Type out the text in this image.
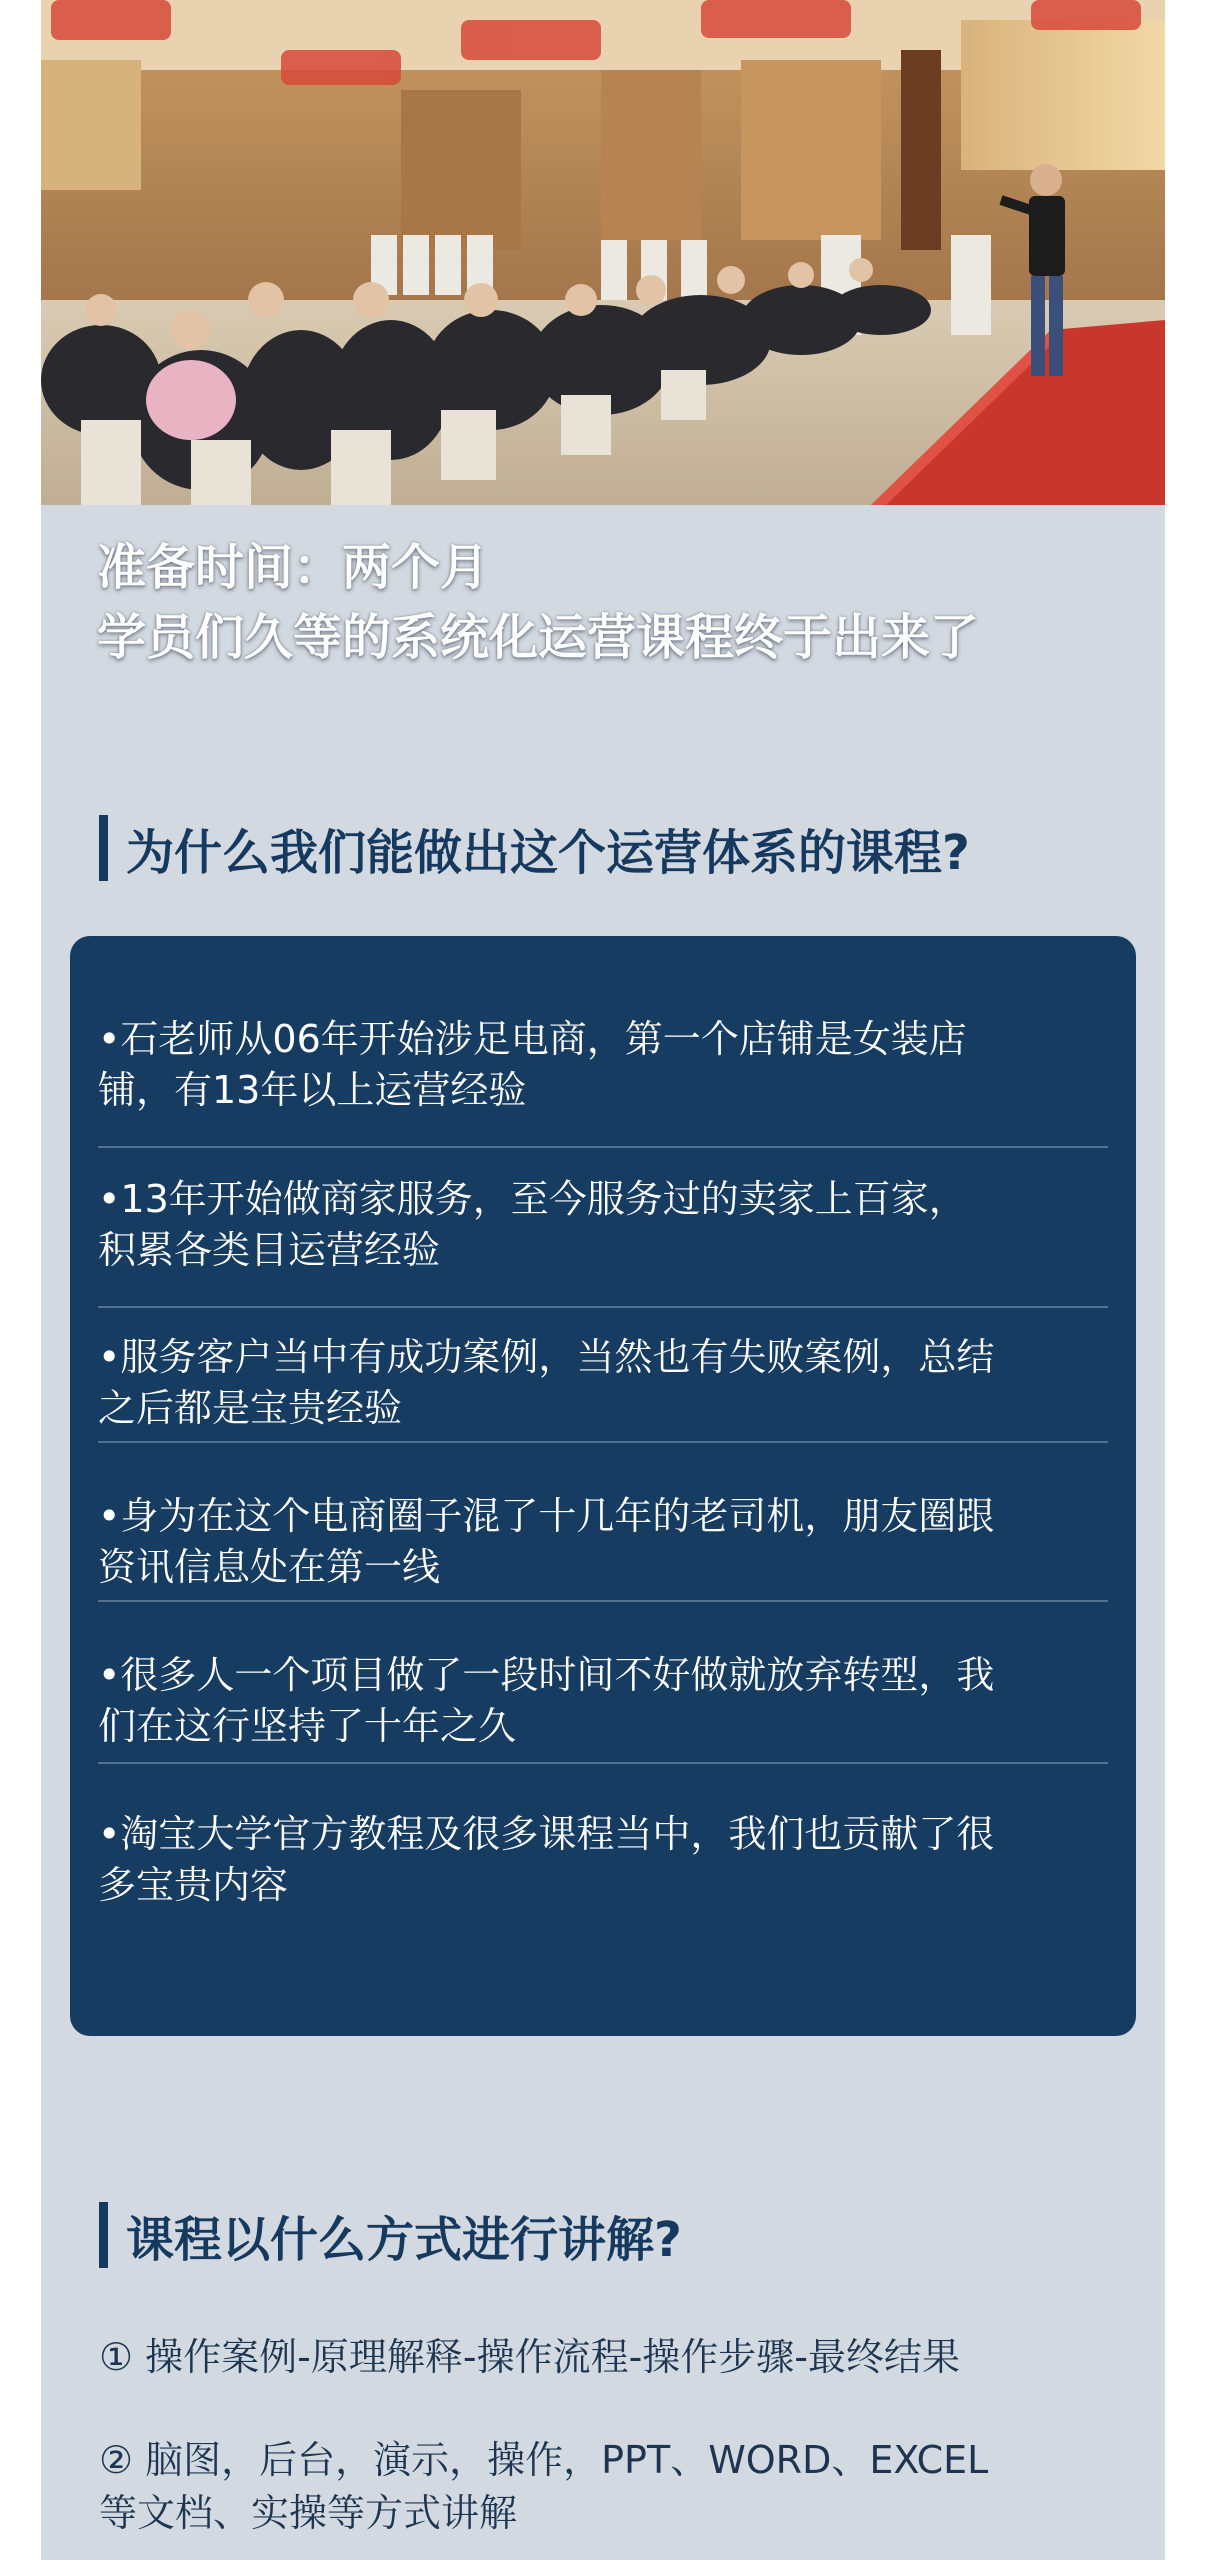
准备时间：两个月
学员们久等的系统化运营课程终于出来了
为什么我们能做出这个运营体系的课程?
•石老师从06年开始涉足电商，第一个店铺是女装店
铺，有13年以上运营经验
•13年开始做商家服务，至今服务过的卖家上百家，
积累各类目运营经验
•服务客户当中有成功案例，当然也有失败案例，总结
之后都是宝贵经验
•身为在这个电商圈子混了十几年的老司机，朋友圈跟
资讯信息处在第一线
•很多人一个项目做了一段时间不好做就放弃转型，我
们在这行坚持了十年之久
•淘宝大学官方教程及很多课程当中，我们也贡献了很
多宝贵内容
课程以什么方式进行讲解?
① 操作案例-原理解释-操作流程-操作步骤-最终结果
② 脑图，后台，演示，操作，PPT、WORD、EXCEL
等文档、实操等方式讲解
